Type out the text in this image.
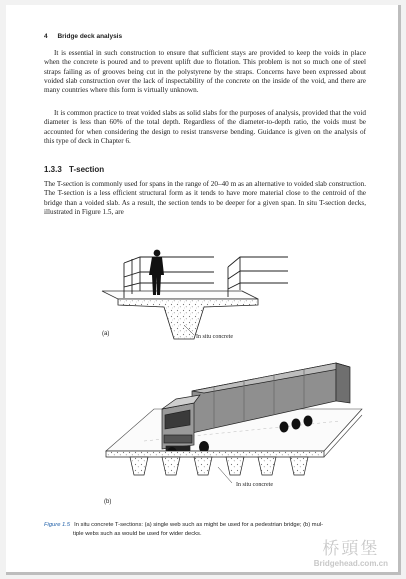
4 Bridge deck analysis

It is essential in such construction to ensure that sufficient stays are provided to keep the voids in place when the concrete is poured and to prevent uplift due to flotation. This problem is not so much one of steel straps failing as of grooves being cut in the polystyrene by the straps. Concerns have been expressed about voided slab construction over the lack of inspectability of the concrete on the inside of the void, and there are many countries where this form is virtually unknown.

It is common practice to treat voided slabs as solid slabs for the purposes of analysis, provided that the void diameter is less than 60% of the total depth. Regardless of the diameter-to-depth ratio, the voids must be accounted for when considering the design to resist transverse bending. Guidance is given on the analysis of this type of deck in Chapter 6.

1.3.3 T-section

The T-section is commonly used for spans in the range of 20–40 m as an alternative to voided slab construction. The T-section is a less efficient structural form as it tends to have more material close to the centroid of the bridge than a voided slab. As a result, the section tends to be deeper for a given span. In situ T-section decks, illustrated in Figure 1.5, are

(a)	In situ concrete
(b)
In situ concrete
Figure 1.5 In situ concrete T-sections: (a) single web such as might be used for a pedestrian bridge; (b) mul-
tiple webs such as would be used for wider decks.
桥頭堡
Bridgehead.com.cn
